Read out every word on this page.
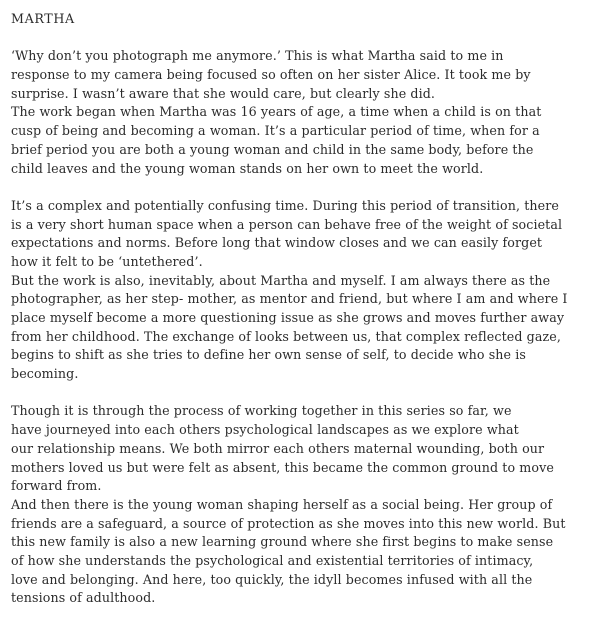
MARTHA
‘Why don’t you photograph me anymore.’ This is what Martha said to me in
response to my camera being focused so often on her sister Alice. It took me by
surprise. I wasn’t aware that she would care, but clearly she did.
The work began when Martha was 16 years of age, a time when a child is on that
cusp of being and becoming a woman. It’s a particular period of time, when for a
brief period you are both a young woman and child in the same body, before the
child leaves and the young woman stands on her own to meet the world.
It’s a complex and potentially confusing time. During this period of transition, there
is a very short human space when a person can behave free of the weight of societal
expectations and norms. Before long that window closes and we can easily forget
how it felt to be ‘untethered’.
But the work is also, inevitably, about Martha and myself. I am always there as the
photographer, as her step- mother, as mentor and friend, but where I am and where I
place myself become a more questioning issue as she grows and moves further away
from her childhood. The exchange of looks between us, that complex reflected gaze,
begins to shift as she tries to define her own sense of self, to decide who she is
becoming.
Though it is through the process of working together in this series so far, we
have journeyed into each others psychological landscapes as we explore what
our relationship means. We both mirror each others maternal wounding, both our
mothers loved us but were felt as absent, this became the common ground to move
forward from.
And then there is the young woman shaping herself as a social being. Her group of
friends are a safeguard, a source of protection as she moves into this new world. But
this new family is also a new learning ground where she first begins to make sense
of how she understands the psychological and existential territories of intimacy,
love and belonging. And here, too quickly, the idyll becomes infused with all the
tensions of adulthood.
